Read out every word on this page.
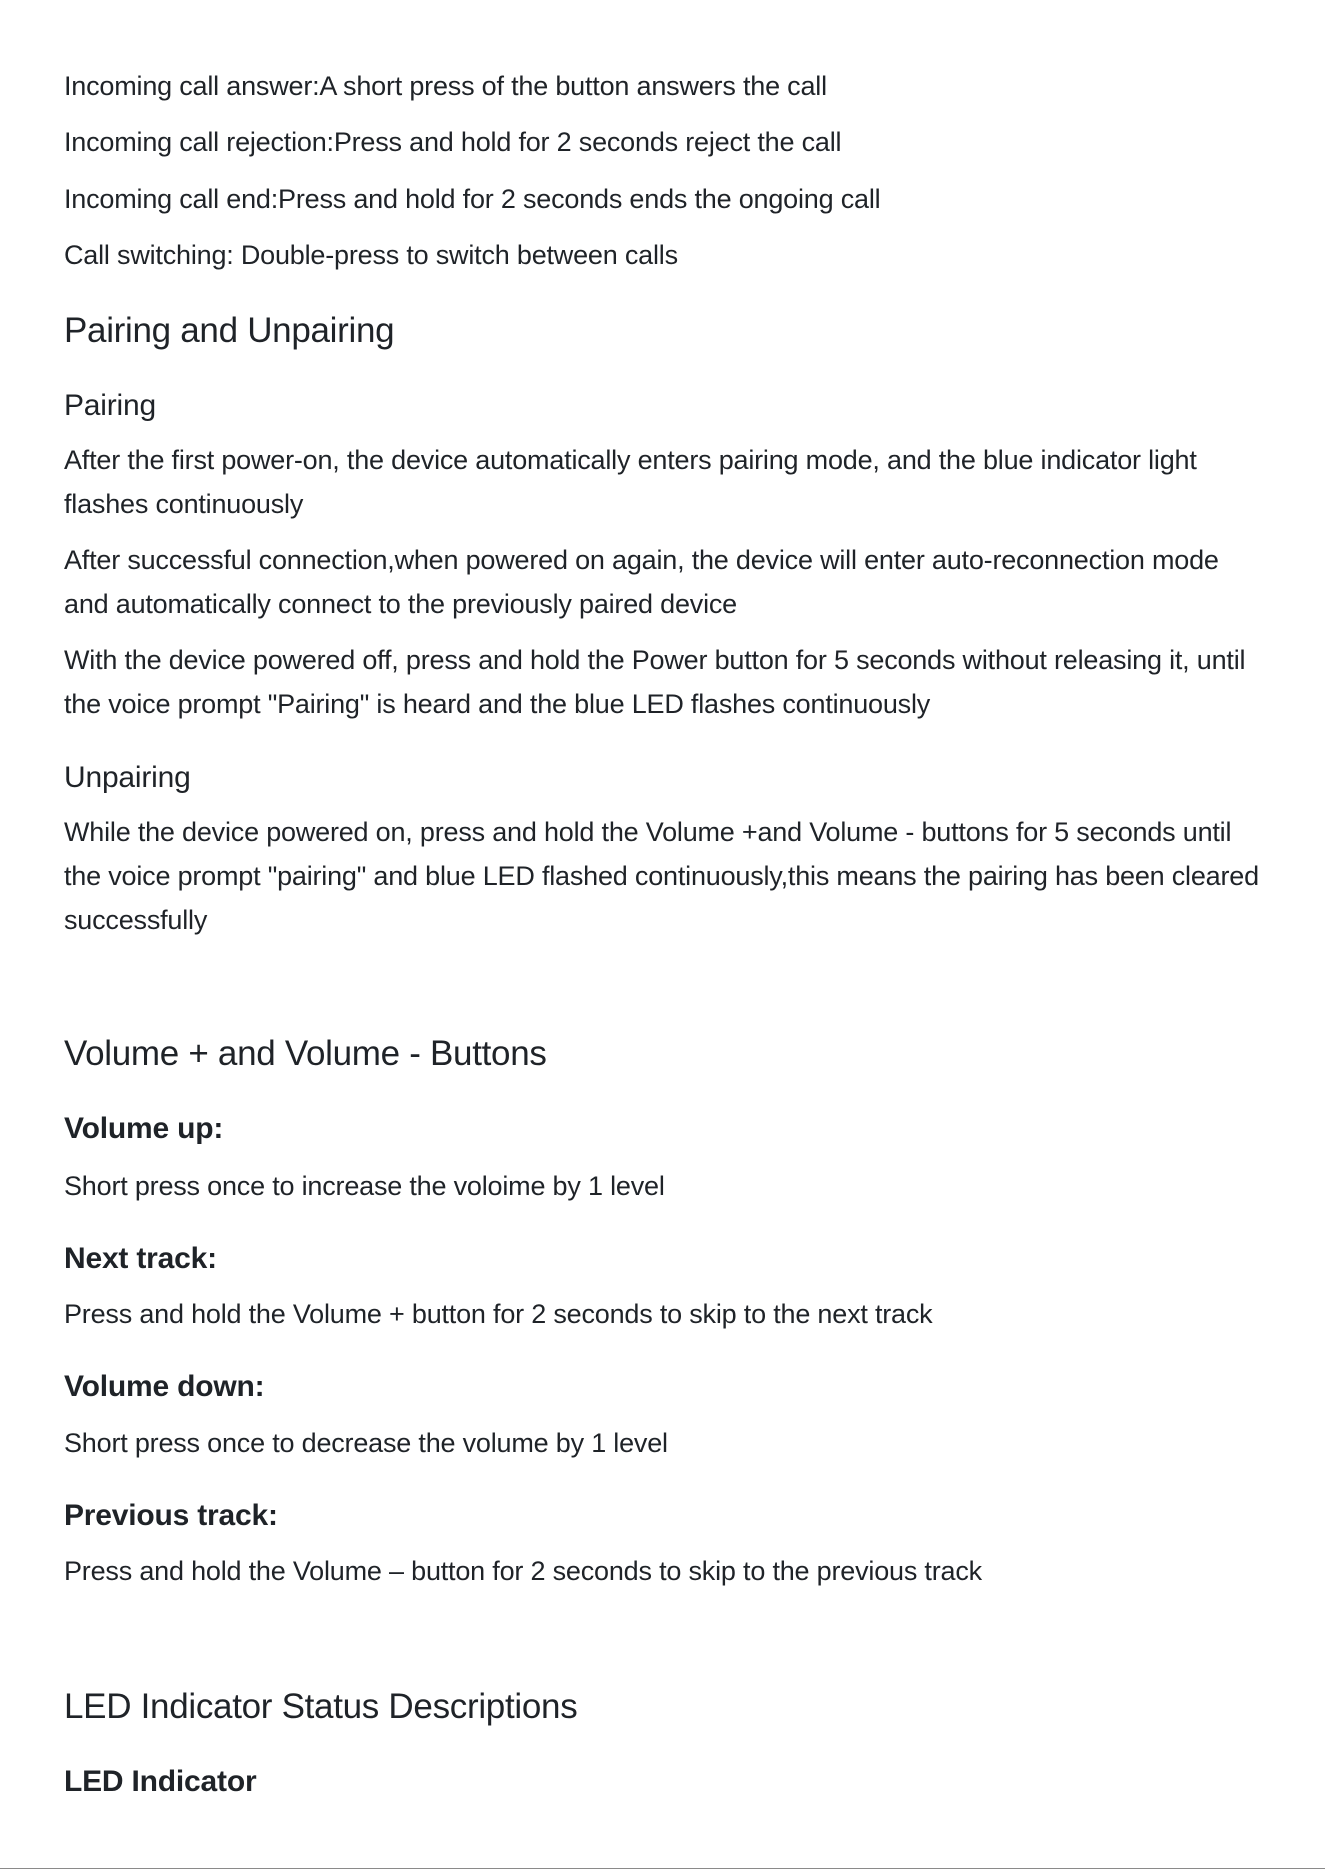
Incoming call answer:A short press of the button answers the call

Incoming call rejection:Press and hold for 2 seconds reject the call

Incoming call end:Press and hold for 2 seconds ends the ongoing call

Call switching: Double-press to switch between calls

Pairing and Unpairing
Pairing

After the first power-on, the device automatically enters pairing mode, and the blue indicator light flashes continuously

After successful connection,when powered on again, the device will enter auto-reconnection mode and automatically connect to the previously paired device

With the device powered off, press and hold the Power button for 5 seconds without releasing it, until the voice prompt "Pairing" is heard and the blue LED flashes continuously

Unpairing

While the device powered on, press and hold the Volume +and Volume - buttons for 5 seconds until the voice prompt "pairing" and blue LED flashed continuously,this means the pairing has been cleared successfully

Volume + and Volume - Buttons
Volume up:

Short press once to increase the voloime by 1 level

Next track:

Press and hold the Volume + button for 2 seconds to skip to the next track

Volume down:

Short press once to decrease the volume by 1 level

Previous track:

Press and hold the Volume – button for 2 seconds to skip to the previous track

LED Indicator Status Descriptions
LED Indicator
